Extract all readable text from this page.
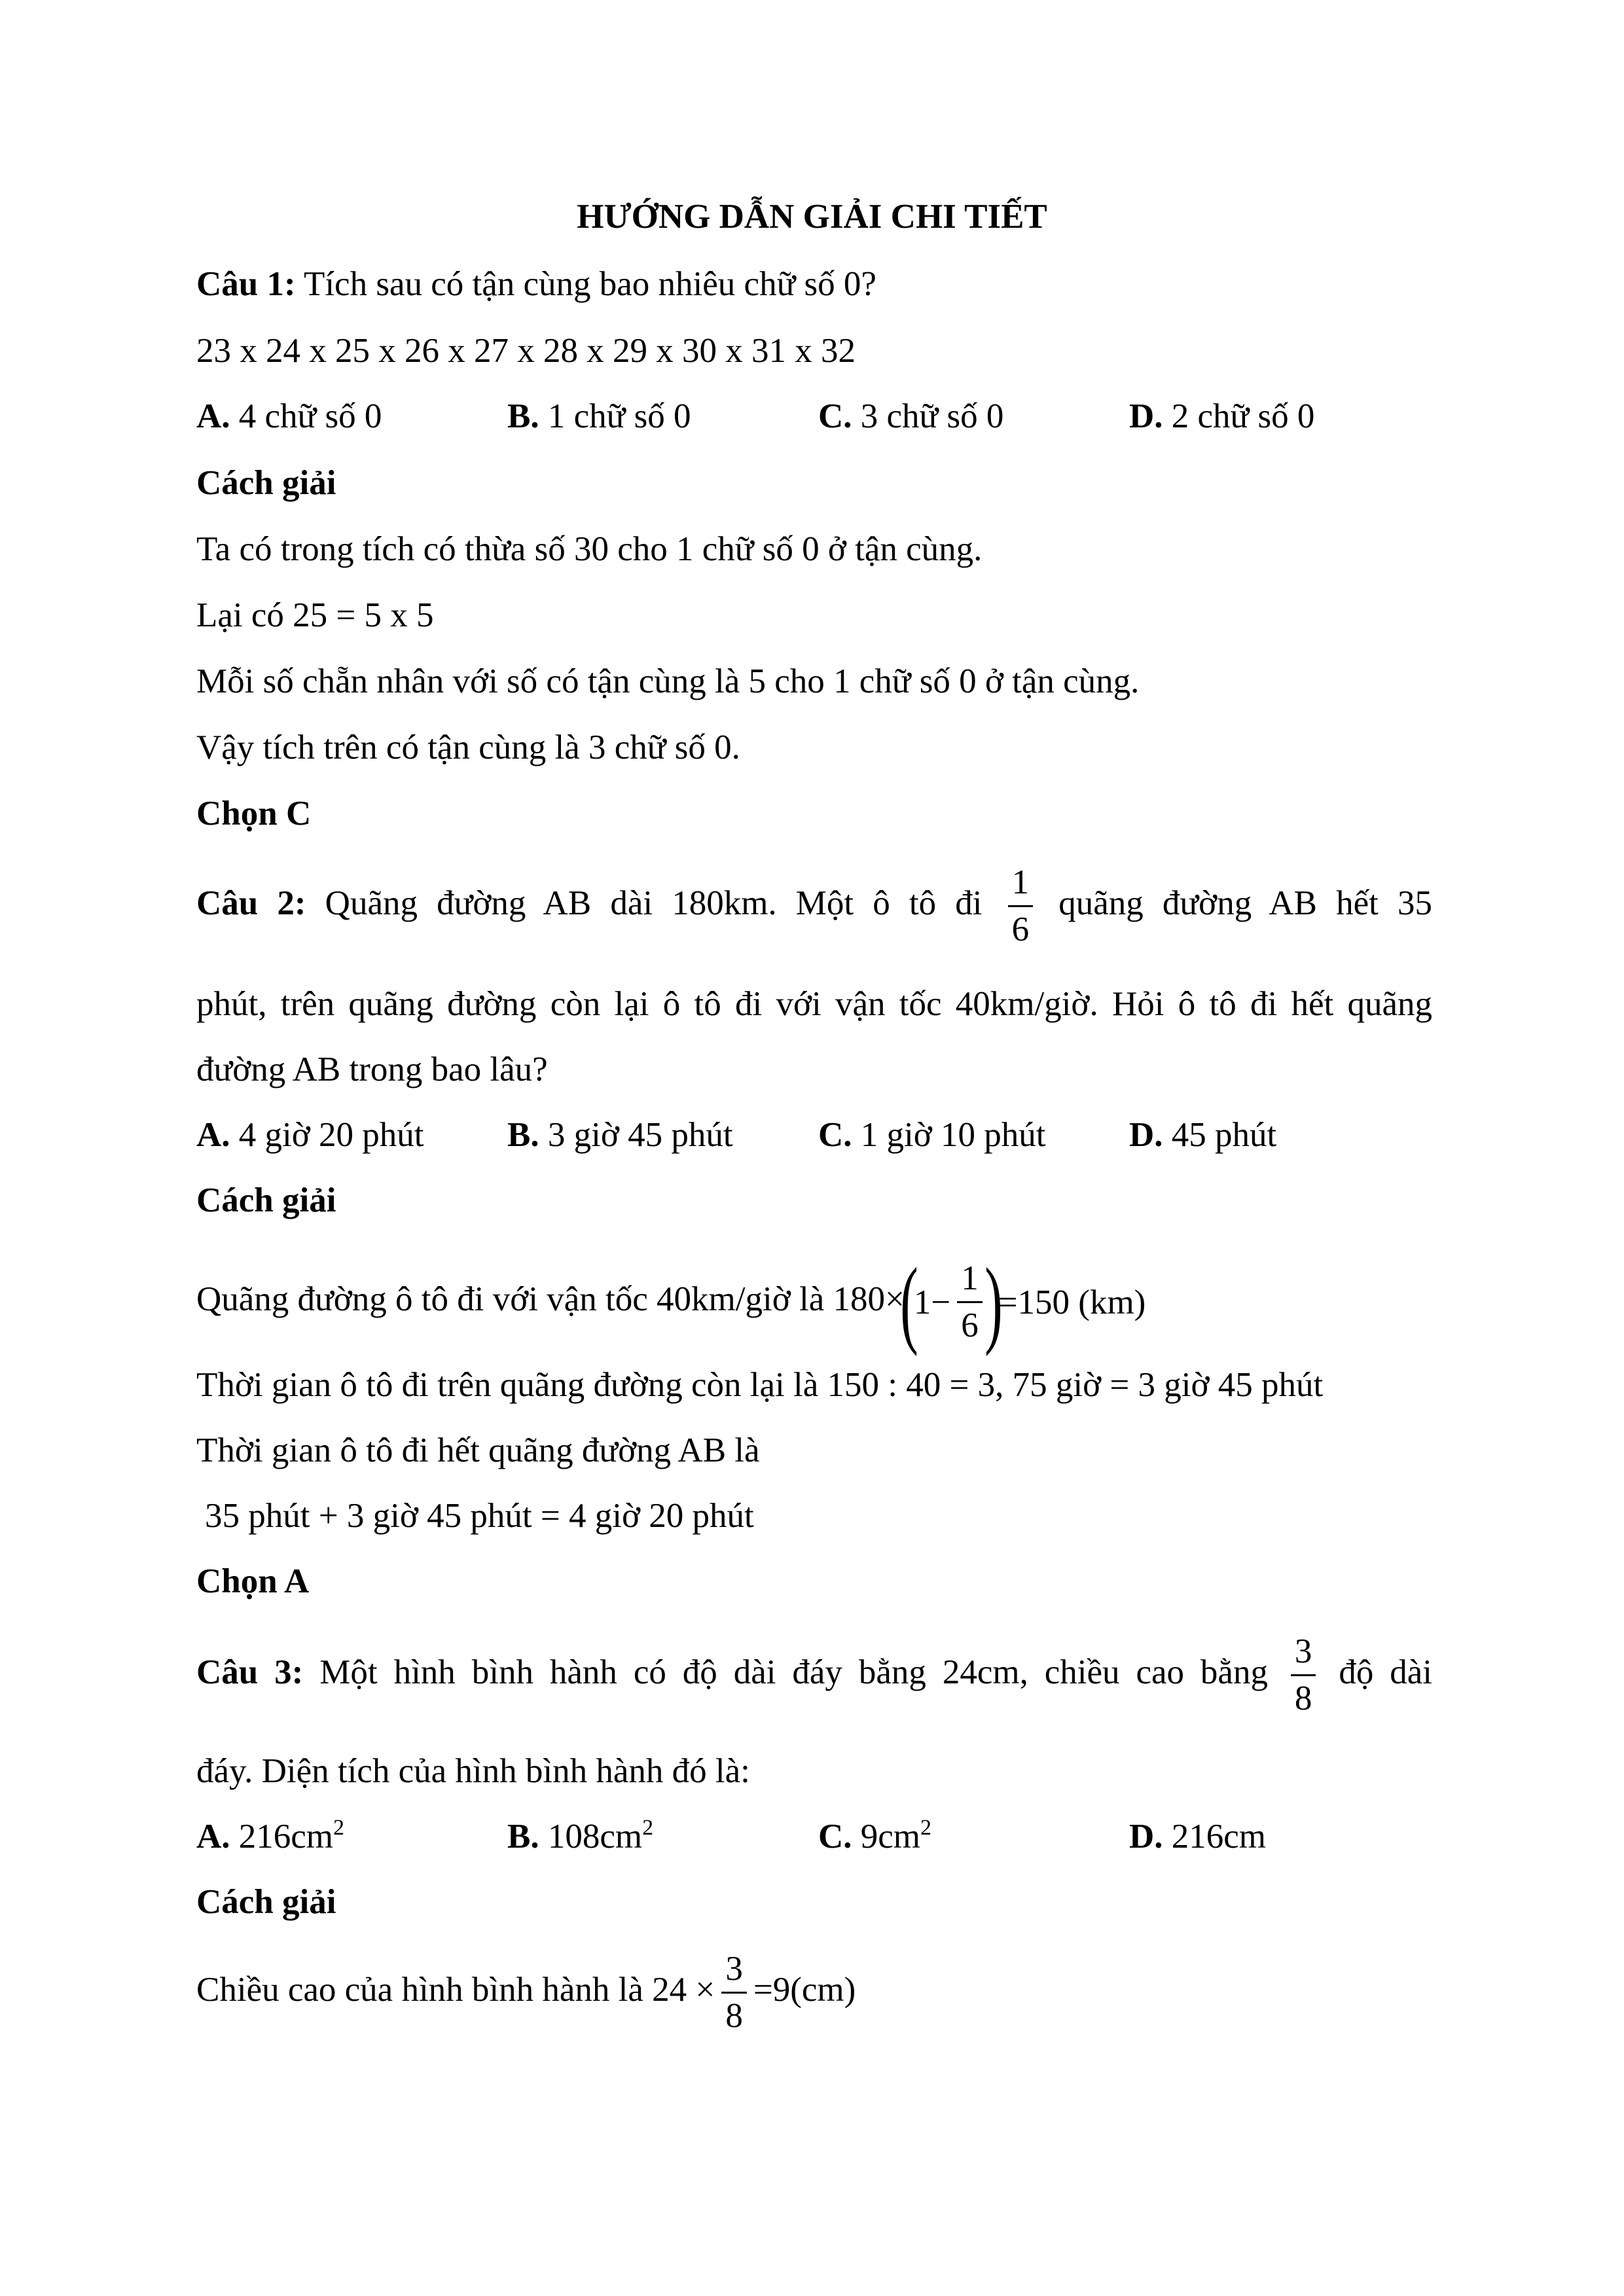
HƯỚNG DẪN GIẢI CHI TIẾT
Câu 1: Tích sau có tận cùng bao nhiêu chữ số 0?
23 x 24 x 25 x 26 x 27 x 28 x 29 x 30 x 31 x 32
A. 4 chữ số 0	B. 1 chữ số 0	C. 3 chữ số 0	D. 2 chữ số 0
Cách giải
Ta có trong tích có thừa số 30 cho 1 chữ số 0 ở tận cùng.
Lại có 25 = 5 x 5
Mỗi số chẵn nhân với số có tận cùng là 5 cho 1 chữ số 0 ở tận cùng.
Vậy tích trên có tận cùng là 3 chữ số 0.
Chọn C
Câu 2: Quãng đường AB dài 180km. Một ô tô đi $\frac{1}{6}$ quãng đường AB hết 35
phút, trên quãng đường còn lại ô tô đi với vận tốc 40km/giờ. Hỏi ô tô đi hết quãng
đường AB trong bao lâu?
A. 4 giờ 20 phút B. 3 giờ 45 phút C. 1 giờ 10 phút D. 45 phút
Cách giải
Quãng đường ô tô đi với vận tốc 40km/giờ là $180\times(1- \frac{1}{6} )=150$ (km)
Thời gian ô tô đi trên quãng đường còn lại là 150 : 40 = 3, 75 giờ = 3 giờ 45 phút
Thời gian ô tô đi hết quãng đường AB là
35 phút + 3 giờ 45 phút = 4 giờ 20 phút
Chọn A
Câu 3: Một hình bình hành có độ dài đáy bằng 24cm, chiều cao bằng $\frac{3}{8}$ độ dài
đáy. Diện tích của hình bình hành đó là:
A. $216cm^2$	B. $108cm^2$	C. $9cm^2$	D. 216cm
Cách giải
Chiều cao của hình bình hành là $24 \times \frac{3}{8} =9(cm)$
